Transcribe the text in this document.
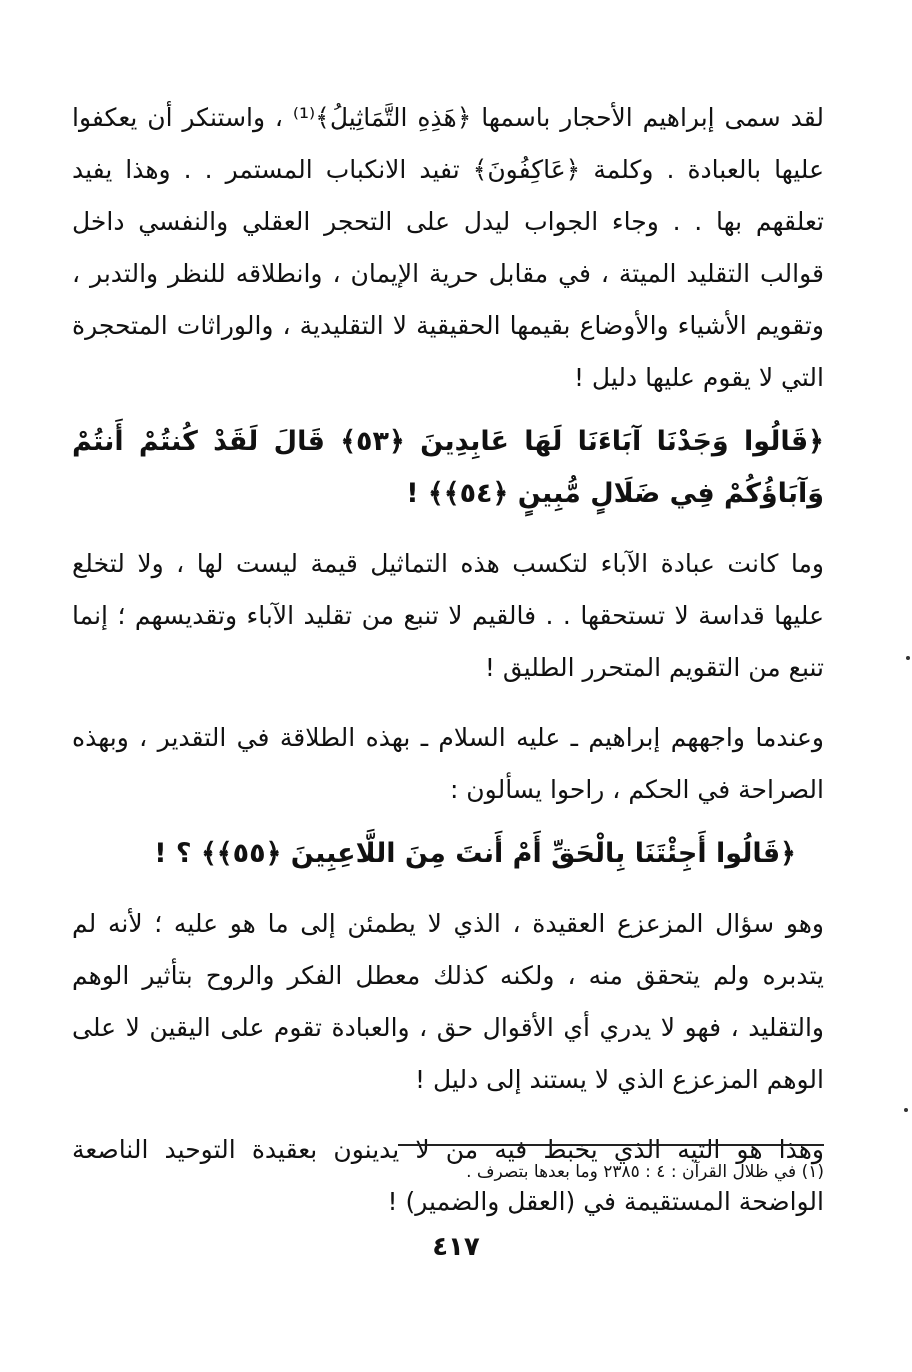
لقد سمى إبراهيم الأحجار باسمها ﴿هَذِهِ التَّمَاثِيلُ﴾⁽¹⁾ ، واستنكر أن يعكفوا عليها بالعبادة . وكلمة ﴿عَاكِفُونَ﴾ تفيد الانكباب المستمر . . وهذا يفيد تعلقهم بها . . وجاء الجواب ليدل على التحجر العقلي والنفسي داخل قوالب التقليد الميتة ، في مقابل حرية الإيمان ، وانطلاقه للنظر والتدبر ، وتقويم الأشياء والأوضاع بقيمها الحقيقية لا التقليدية ، والوراثات المتحجرة التي لا يقوم عليها دليل !

﴿قَالُوا وَجَدْنَا آبَاءَنَا لَهَا عَابِدِينَ ﴿٥٣﴾ قَالَ لَقَدْ كُنتُمْ أَنتُمْ وَآبَاؤُكُمْ فِي ضَلَالٍ مُّبِينٍ ﴿٥٤﴾﴾ !

وما كانت عبادة الآباء لتكسب هذه التماثيل قيمة ليست لها ، ولا لتخلع عليها قداسة لا تستحقها . . فالقيم لا تنبع من تقليد الآباء وتقديسهم ؛ إنما تنبع من التقويم المتحرر الطليق !

وعندما واجههم إبراهيم ـ عليه السلام ـ بهذه الطلاقة في التقدير ، وبهذه الصراحة في الحكم ، راحوا يسألون :

﴿قَالُوا أَجِئْتَنَا بِالْحَقِّ أَمْ أَنتَ مِنَ اللَّاعِبِينَ ﴿٥٥﴾﴾ ؟ !

وهو سؤال المزعزع العقيدة ، الذي لا يطمئن إلى ما هو عليه ؛ لأنه لم يتدبره ولم يتحقق منه ، ولكنه كذلك معطل الفكر والروح بتأثير الوهم والتقليد ، فهو لا يدري أي الأقوال حق ، والعبادة تقوم على اليقين لا على الوهم المزعزع الذي لا يستند إلى دليل !

وهذا هو التيه الذي يخبط فيه من لا يدينون بعقيدة التوحيد الناصعة الواضحة المستقيمة في (العقل والضمير) !

(١) في ظلال القرآن : ٤ : ٢٣٨٥ وما بعدها بتصرف .
٤١٧
